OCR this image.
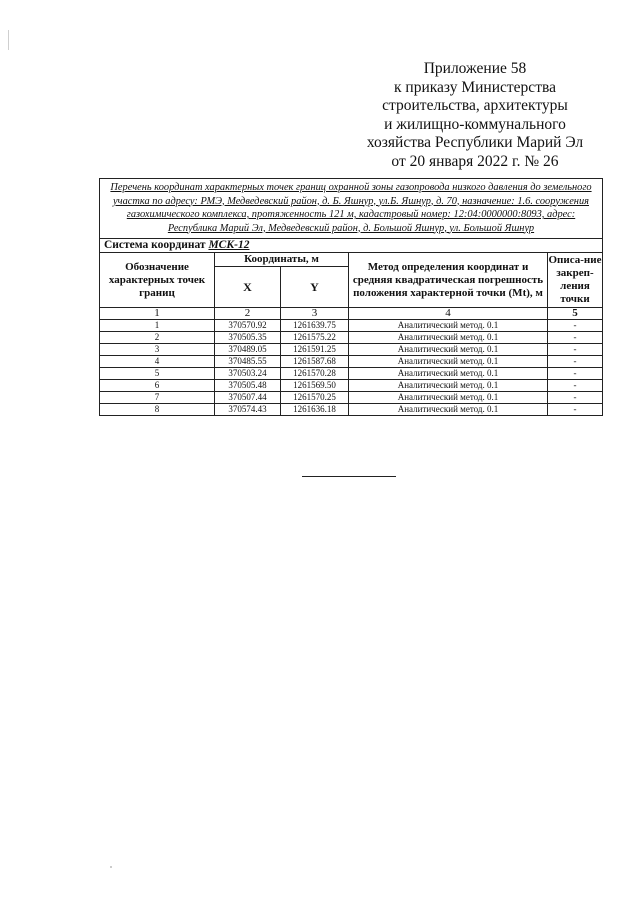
Приложение 58
к приказу Министерства
строительства, архитектуры
и жилищно-коммунального
хозяйства Республики Марий Эл
от 20 января 2022 г. № 26
Перечень координат характерных точек границ охранной зоны газопровода низкого давления до земельного участка по адресу: РМЭ, Медведевский район, д. Б. Яшнур, ул.Б. Яшнур, д. 70, назначение: 1.6. сооружения газохимического комплекса, протяженность 121 м, кадастровый номер: 12:04:0000000:8093, адрес: Республика Марий Эл, Медведевский район, д. Большой Яшнур, ул. Большой Яшнур				
Система координат МСК-12				
Обозначение характерных точек границ	Координаты, м		Метод определения координат и средняя квадратическая погрешность положения характерной точки (Mt), м	Описа-ние закреп-ления точки
	X	Y		
1	2	3	4	5
1	370570.92	1261639.75	Аналитический метод. 0.1	-
2	370505.35	1261575.22	Аналитический метод. 0.1	-
3	370489.05	1261591.25	Аналитический метод. 0.1	-
4	370485.55	1261587.68	Аналитический метод. 0.1	-
5	370503.24	1261570.28	Аналитический метод. 0.1	-
6	370505.48	1261569.50	Аналитический метод. 0.1	-
7	370507.44	1261570.25	Аналитический метод. 0.1	-
8	370574.43	1261636.18	Аналитический метод. 0.1	-
